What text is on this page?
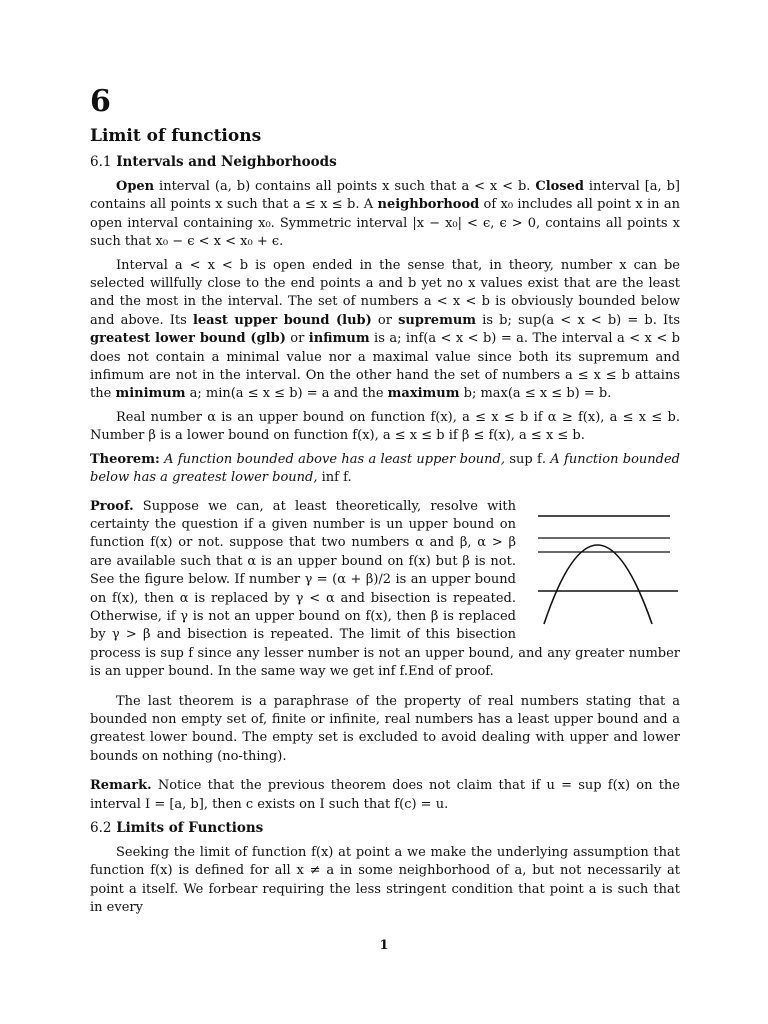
6
Limit of functions
6.1 Intervals and Neighborhoods

Open interval (a, b) contains all points x such that a < x < b. Closed interval [a, b] contains all points x such that a ≤ x ≤ b. A neighborhood of x₀ includes all point x in an open interval containing x₀. Symmetric interval |x − x₀| < ϵ, ϵ > 0, contains all points x such that x₀ − ϵ < x < x₀ + ϵ.

Interval a < x < b is open ended in the sense that, in theory, number x can be selected willfully close to the end points a and b yet no x values exist that are the least and the most in the interval. The set of numbers a < x < b is obviously bounded below and above. Its least upper bound (lub) or supremum is b; sup(a < x < b) = b. Its greatest lower bound (glb) or infimum is a; inf(a < x < b) = a. The interval a < x < b does not contain a minimal value nor a maximal value since both its supremum and infimum are not in the interval. On the other hand the set of numbers a ≤ x ≤ b attains the minimum a; min(a ≤ x ≤ b) = a and the maximum b; max(a ≤ x ≤ b) = b.

Real number α is an upper bound on function f(x), a ≤ x ≤ b if α ≥ f(x), a ≤ x ≤ b. Number β is a lower bound on function f(x), a ≤ x ≤ b if β ≤ f(x), a ≤ x ≤ b.

Theorem: A function bounded above has a least upper bound, sup f. A function bounded below has a greatest lower bound, inf f.

Proof. Suppose we can, at least theoretically, resolve with certainty the question if a given number is un upper bound on function f(x) or not. suppose that two numbers α and β, α > β are available such that α is an upper bound on f(x) but β is not. See the figure below. If number γ = (α + β)/2 is an upper bound on f(x), then α is replaced by γ < α and bisection is repeated. Otherwise, if γ is not an upper bound on f(x), then β is replaced by γ > β and bisection is repeated. The limit of this bisection process is sup f since any lesser number is not an upper bound, and any greater number is an upper bound. In the same way we get inf f.End of proof.

The last theorem is a paraphrase of the property of real numbers stating that a bounded non empty set of, finite or infinite, real numbers has a least upper bound and a greatest lower bound. The empty set is excluded to avoid dealing with upper and lower bounds on nothing (no-thing).

Remark. Notice that the previous theorem does not claim that if u = sup f(x) on the interval I = [a, b], then c exists on I such that f(c) = u.

6.2 Limits of Functions

Seeking the limit of function f(x) at point a we make the underlying assumption that function f(x) is defined for all x ≠ a in some neighborhood of a, but not necessarily at point a itself. We forbear requiring the less stringent condition that point a is such that in every

1
